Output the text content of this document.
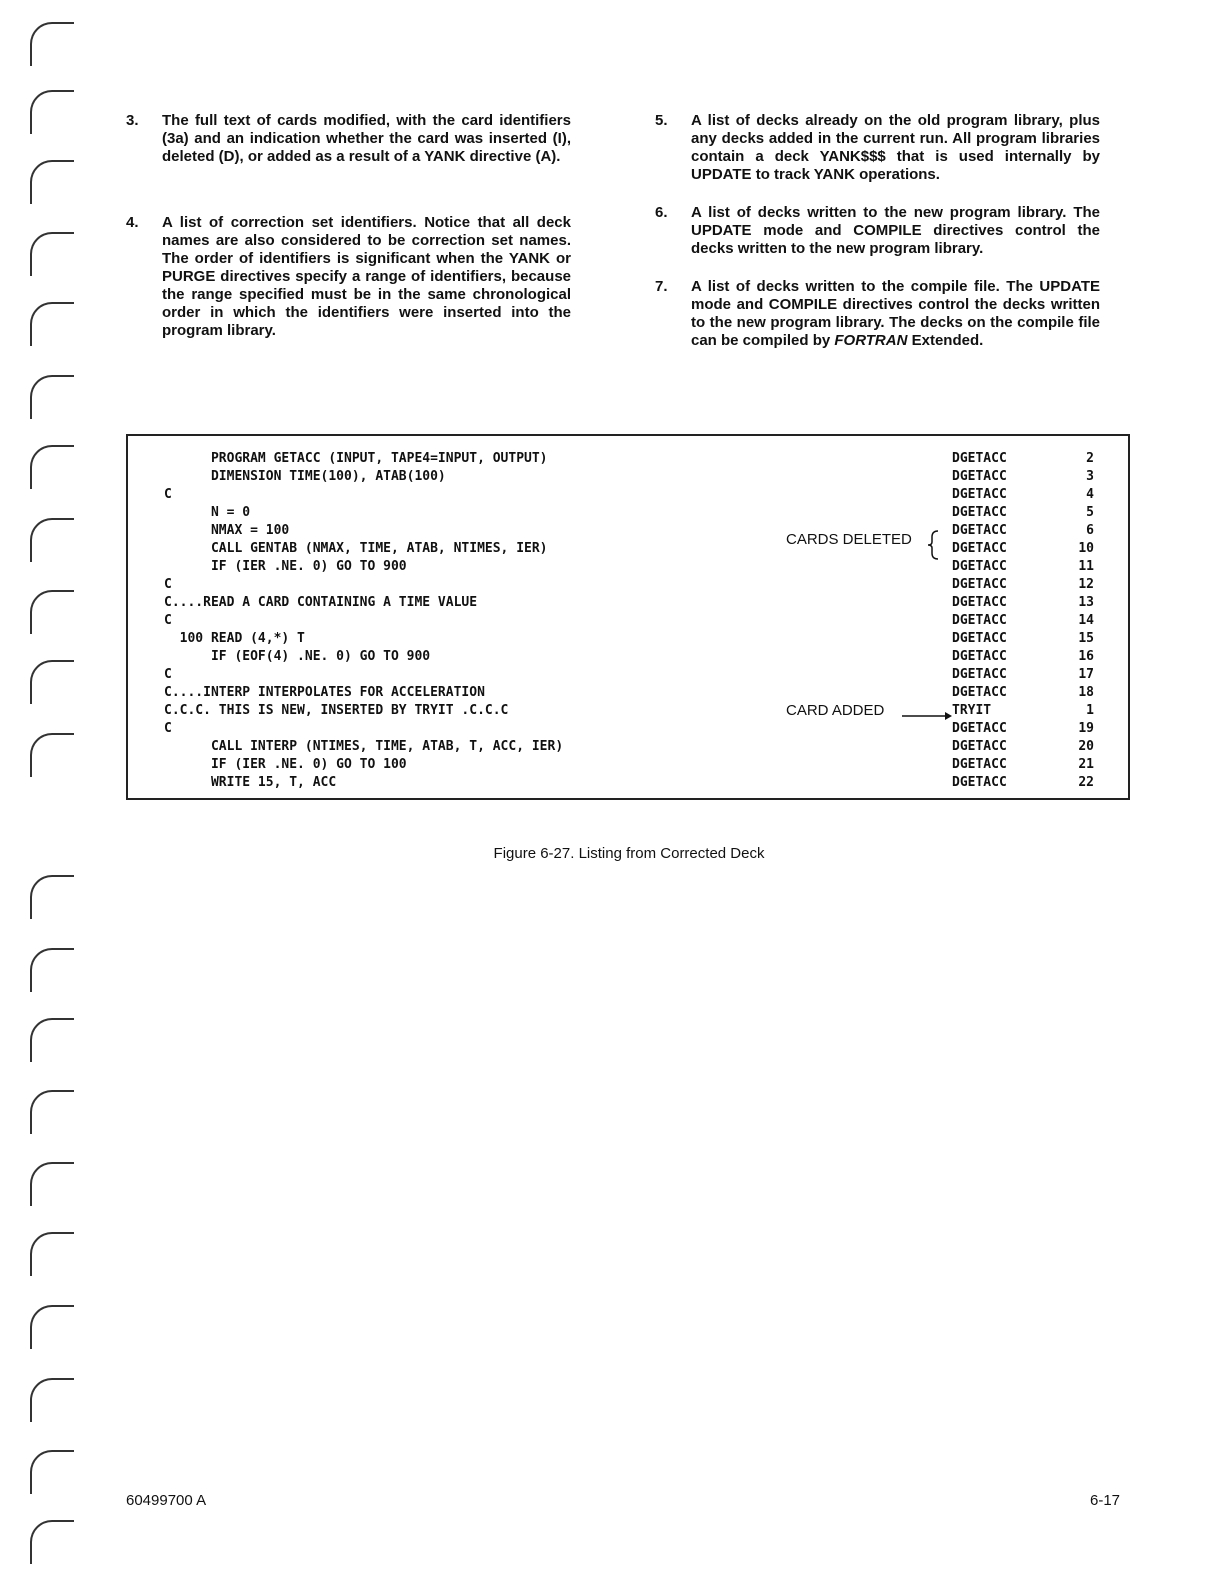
3. The full text of cards modified, with the card identifiers (3a) and an indication whether the card was inserted (I), deleted (D), or added as a result of a YANK directive (A).

4. A list of correction set identifiers. Notice that all deck names are also considered to be correction set names. The order of identifiers is significant when the YANK or PURGE directives specify a range of identifiers, because the range specified must be in the same chronological order in which the identifiers were inserted into the program library.

5. A list of decks already on the old program library, plus any decks added in the current run. All program libraries contain a deck YANK$$$ that is used internally by UPDATE to track YANK operations.

6. A list of decks written to the new program library. The UPDATE mode and COMPILE directives control the decks written to the new program library.

7. A list of decks written to the compile file. The UPDATE mode and COMPILE directives control the decks written to the new program library. The decks on the compile file can be compiled by FORTRAN Extended.

PROGRAM GETACC (INPUT, TAPE4=INPUT, OUTPUT)	DGETACC	2
DIMENSION TIME(100), ATAB(100)	DGETACC	3
C	DGETACC	4
N = 0	DGETACC	5
NMAX = 100	DGETACC	6
CALL GENTAB (NMAX, TIME, ATAB, NTIMES, IER)	DGETACC	10
IF (IER .NE. 0) GO TO 900	DGETACC	11
C	DGETACC	12
C....READ A CARD CONTAINING A TIME VALUE	DGETACC	13
C	DGETACC	14
100 READ (4,*) T	DGETACC	15
IF (EOF(4) .NE. 0) GO TO 900	DGETACC	16
C	DGETACC	17
C....INTERP INTERPOLATES FOR ACCELERATION	DGETACC	18
C.C.C. THIS IS NEW, INSERTED BY TRYIT .C.C.C	TRYIT	1
C	DGETACC	19
CALL INTERP (NTIMES, TIME, ATAB, T, ACC, IER)	DGETACC	20
IF (IER .NE. 0) GO TO 100	DGETACC	21
WRITE 15, T, ACC	DGETACC	22
CARDS DELETED
CARD ADDED
Figure 6-27. Listing from Corrected Deck
60499700 A	6-17
